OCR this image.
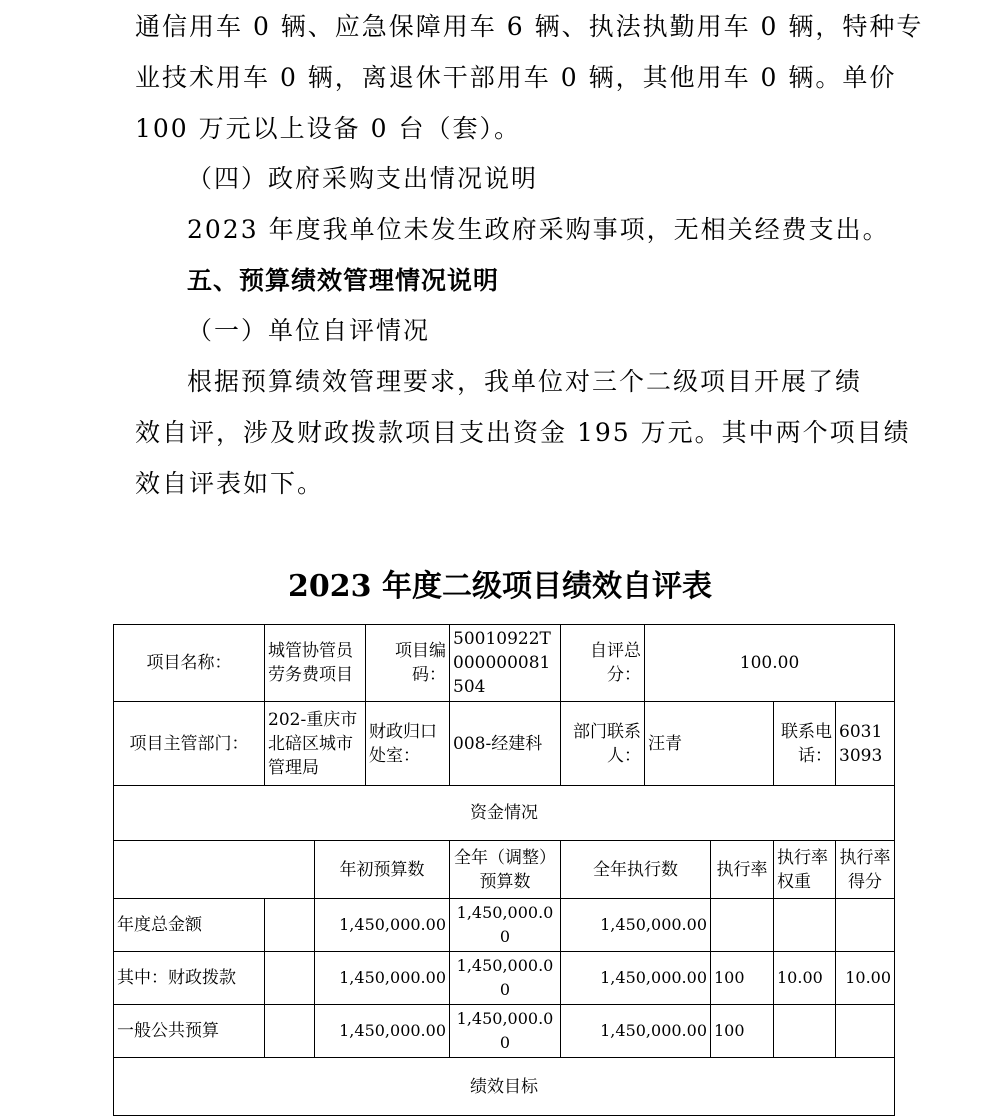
通信用车 0 辆、应急保障用车 6 辆、执法执勤用车 0 辆，特种专
业技术用车 0 辆，离退休干部用车 0 辆，其他用车 0 辆。单价
100 万元以上设备 0 台（套）。
（四）政府采购支出情况说明
2023 年度我单位未发生政府采购事项，无相关经费支出。
五、预算绩效管理情况说明
（一）单位自评情况
根据预算绩效管理要求，我单位对三个二级项目开展了绩
效自评，涉及财政拨款项目支出资金 195 万元。其中两个项目绩
效自评表如下。
2023 年度二级项目绩效自评表
项目名称：	城管协管员劳务费项目		项目编码：	50010922T000000081504	自评总分：	100.00			
项目主管部门：	202-重庆市北碚区城市管理局		财政归口处室：	008-经建科	部门联系人：	汪青		联系电话：	60313093
资金情况									
		年初预算数		全年（调整）预算数	全年执行数		执行率	执行率权重	执行率得分
年度总金额		1,450,000.00		1,450,000.00	1,450,000.00				
其中：财政拨款		1,450,000.00		1,450,000.00	1,450,000.00		100	10.00	10.00
一般公共预算		1,450,000.00		1,450,000.00	1,450,000.00		100		
绩效目标									
